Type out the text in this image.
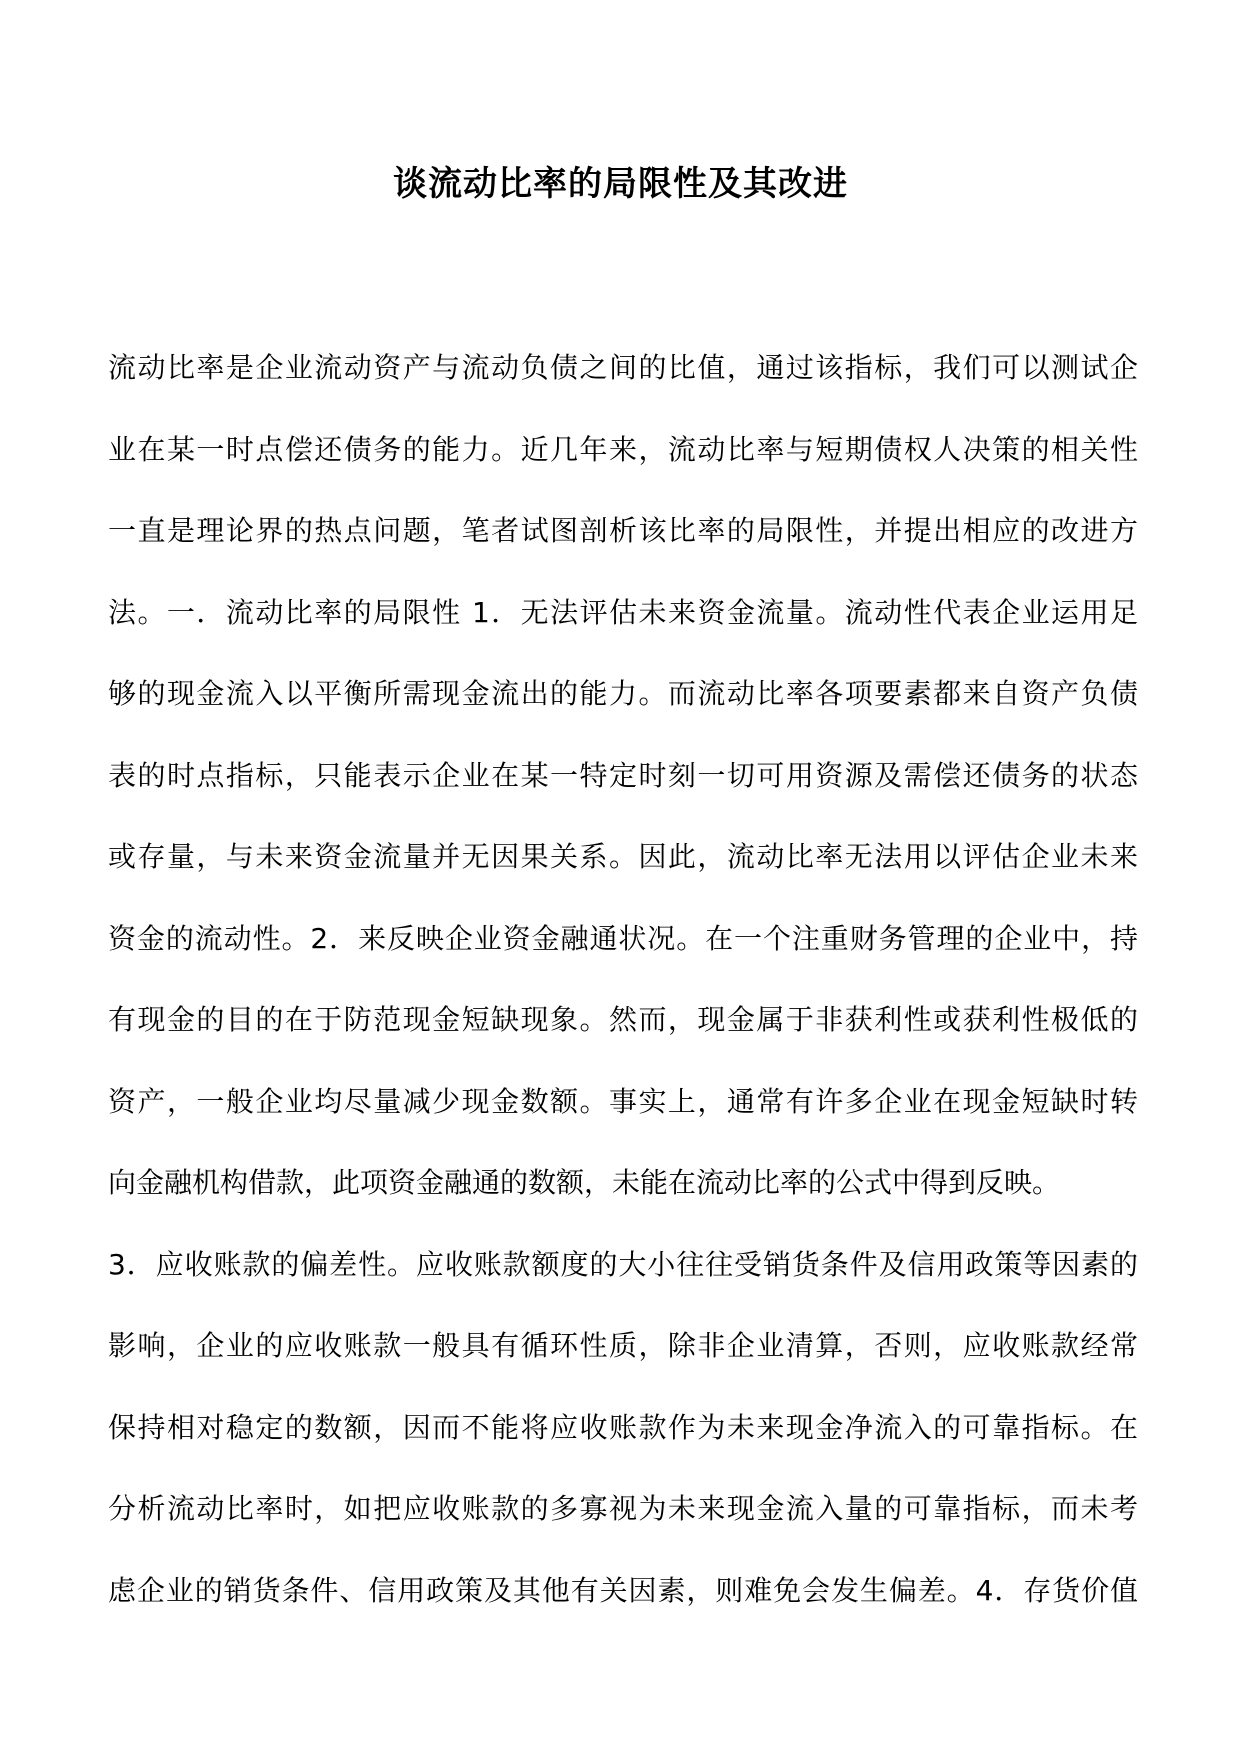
谈流动比率的局限性及其改进
流动比率是企业流动资产与流动负债之间的比值，通过该指标，我们可以测试企
业在某一时点偿还债务的能力。近几年来，流动比率与短期债权人决策的相关性
一直是理论界的热点问题，笔者试图剖析该比率的局限性，并提出相应的改进方
法。一．流动比率的局限性 1．无法评估未来资金流量。流动性代表企业运用足
够的现金流入以平衡所需现金流出的能力。而流动比率各项要素都来自资产负债
表的时点指标，只能表示企业在某一特定时刻一切可用资源及需偿还债务的状态
或存量，与未来资金流量并无因果关系。因此，流动比率无法用以评估企业未来
资金的流动性。2．来反映企业资金融通状况。在一个注重财务管理的企业中，持
有现金的目的在于防范现金短缺现象。然而，现金属于非获利性或获利性极低的
资产，一般企业均尽量减少现金数额。事实上，通常有许多企业在现金短缺时转
向金融机构借款，此项资金融通的数额，未能在流动比率的公式中得到反映。
3．应收账款的偏差性。应收账款额度的大小往往受销货条件及信用政策等因素的
影响，企业的应收账款一般具有循环性质，除非企业清算，否则，应收账款经常
保持相对稳定的数额，因而不能将应收账款作为未来现金净流入的可靠指标。在
分析流动比率时，如把应收账款的多寡视为未来现金流入量的可靠指标，而未考
虑企业的销货条件、信用政策及其他有关因素，则难免会发生偏差。4．存货价值
